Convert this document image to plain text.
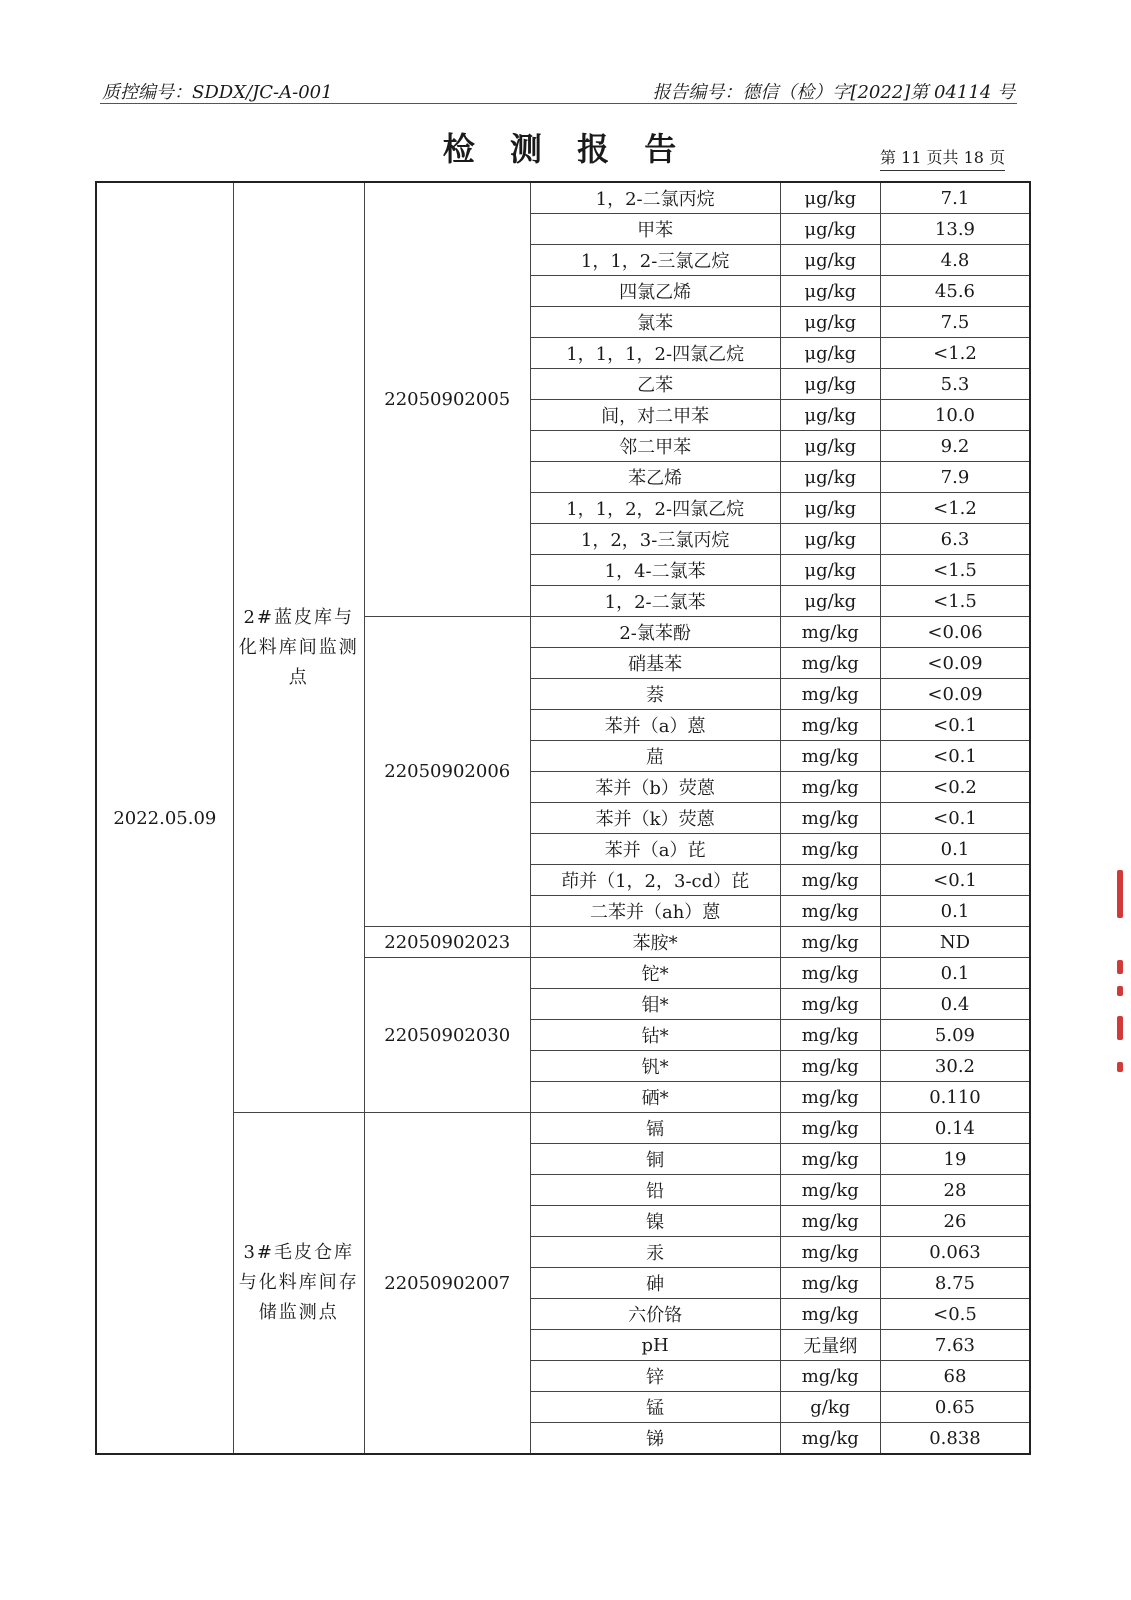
质控编号：SDDX/JC-A-001	报告编号：德信（检）字[2022]第 04114 号
检 测 报 告	第 11 页共 18 页
2022.05.09	2#蓝皮库与化料库间监测点	22050902005	1，2-二氯丙烷	μg/kg	7.1
			甲苯	μg/kg	13.9
			1，1，2-三氯乙烷	μg/kg	4.8
			四氯乙烯	μg/kg	45.6
			氯苯	μg/kg	7.5
			1，1，1，2-四氯乙烷	μg/kg	<1.2
			乙苯	μg/kg	5.3
			间，对二甲苯	μg/kg	10.0
			邻二甲苯	μg/kg	9.2
			苯乙烯	μg/kg	7.9
			1，1，2，2-四氯乙烷	μg/kg	<1.2
			1，2，3-三氯丙烷	μg/kg	6.3
			1，4-二氯苯	μg/kg	<1.5
			1，2-二氯苯	μg/kg	<1.5
		22050902006	2-氯苯酚	mg/kg	<0.06
			硝基苯	mg/kg	<0.09
			萘	mg/kg	<0.09
			苯并（a）蒽	mg/kg	<0.1
			䓛	mg/kg	<0.1
			苯并（b）荧蒽	mg/kg	<0.2
			苯并（k）荧蒽	mg/kg	<0.1
			苯并（a）芘	mg/kg	0.1
			茚并（1，2，3-cd）芘	mg/kg	<0.1
			二苯并（ah）蒽	mg/kg	0.1
		22050902023	苯胺*	mg/kg	ND
		22050902030	铊*	mg/kg	0.1
			钼*	mg/kg	0.4
			钴*	mg/kg	5.09
			钒*	mg/kg	30.2
			硒*	mg/kg	0.110
	3#毛皮仓库与化料库间存储监测点	22050902007	镉	mg/kg	0.14
			铜	mg/kg	19
			铅	mg/kg	28
			镍	mg/kg	26
			汞	mg/kg	0.063
			砷	mg/kg	8.75
			六价铬	mg/kg	<0.5
			pH	无量纲	7.63
			锌	mg/kg	68
			锰	g/kg	0.65
			锑	mg/kg	0.838
